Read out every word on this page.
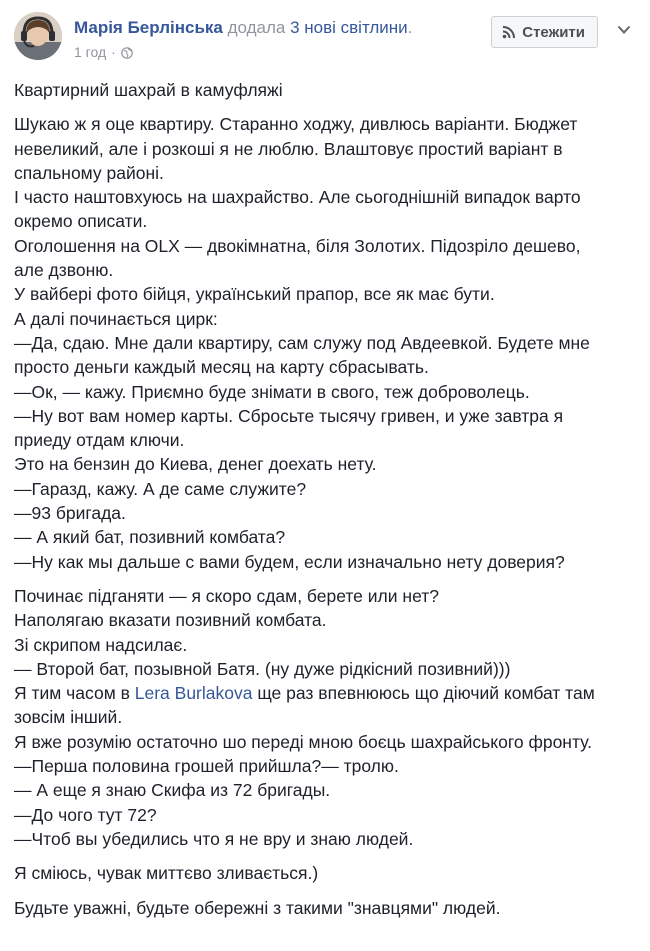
Марія Берлінська додала 3 нові світлини.
1 год ·
Стежити

Квартирний шахрай в камуфляжі

Шукаю ж я оце квартиру. Старанно ходжу, дивлюсь варіанти. Бюджет
невеликий, але і розкоші я не люблю. Влаштовує простий варіант в
спальному районі.
І часто наштовхуюсь на шахрайство. Але сьогоднішній випадок варто
окремо описати.
Оголошення на OLX — двокімнатна, біля Золотих. Підозріло дешево,
але дзвоню.
У вайбері фото бійця, український прапор, все як має бути.
А далі починається цирк:
—Да, сдаю. Мне дали квартиру, сам служу под Авдеевкой. Будете мне
просто деньги каждый месяц на карту сбрасывать.
—Ок, — кажу. Приємно буде знімати в свого, теж доброволець.
—Ну вот вам номер карты. Сбросьте тысячу гривен, и уже завтра я
приеду отдам ключи.
Это на бензин до Киева, денег доехать нету.
—Гаразд, кажу. А де саме служите?
—93 бригада.
— А який бат, позивний комбата?
—Ну как мы дальше с вами будем, если изначально нету доверия?

Починає підганяти — я скоро сдам, берете или нет?
Наполягаю вказати позивний комбата.
Зі скрипом надсилає.
— Второй бат, позывной Батя. (ну дуже рідкісний позивний)))
Я тим часом в Lera Burlakova ще раз впевнююсь що діючий комбат там
зовсім інший.
Я вже розумію остаточно шо переді мною боєць шахрайського фронту.
—Перша половина грошей прийшла?— тролю.
— А еще я знаю Скифа из 72 бригады.
—До чого тут 72?
—Чтоб вы убедились что я не вру и знаю людей.

Я сміюсь, чувак миттєво зливається.)

Будьте уважні, будьте обережні з такими "знавцями" людей.
